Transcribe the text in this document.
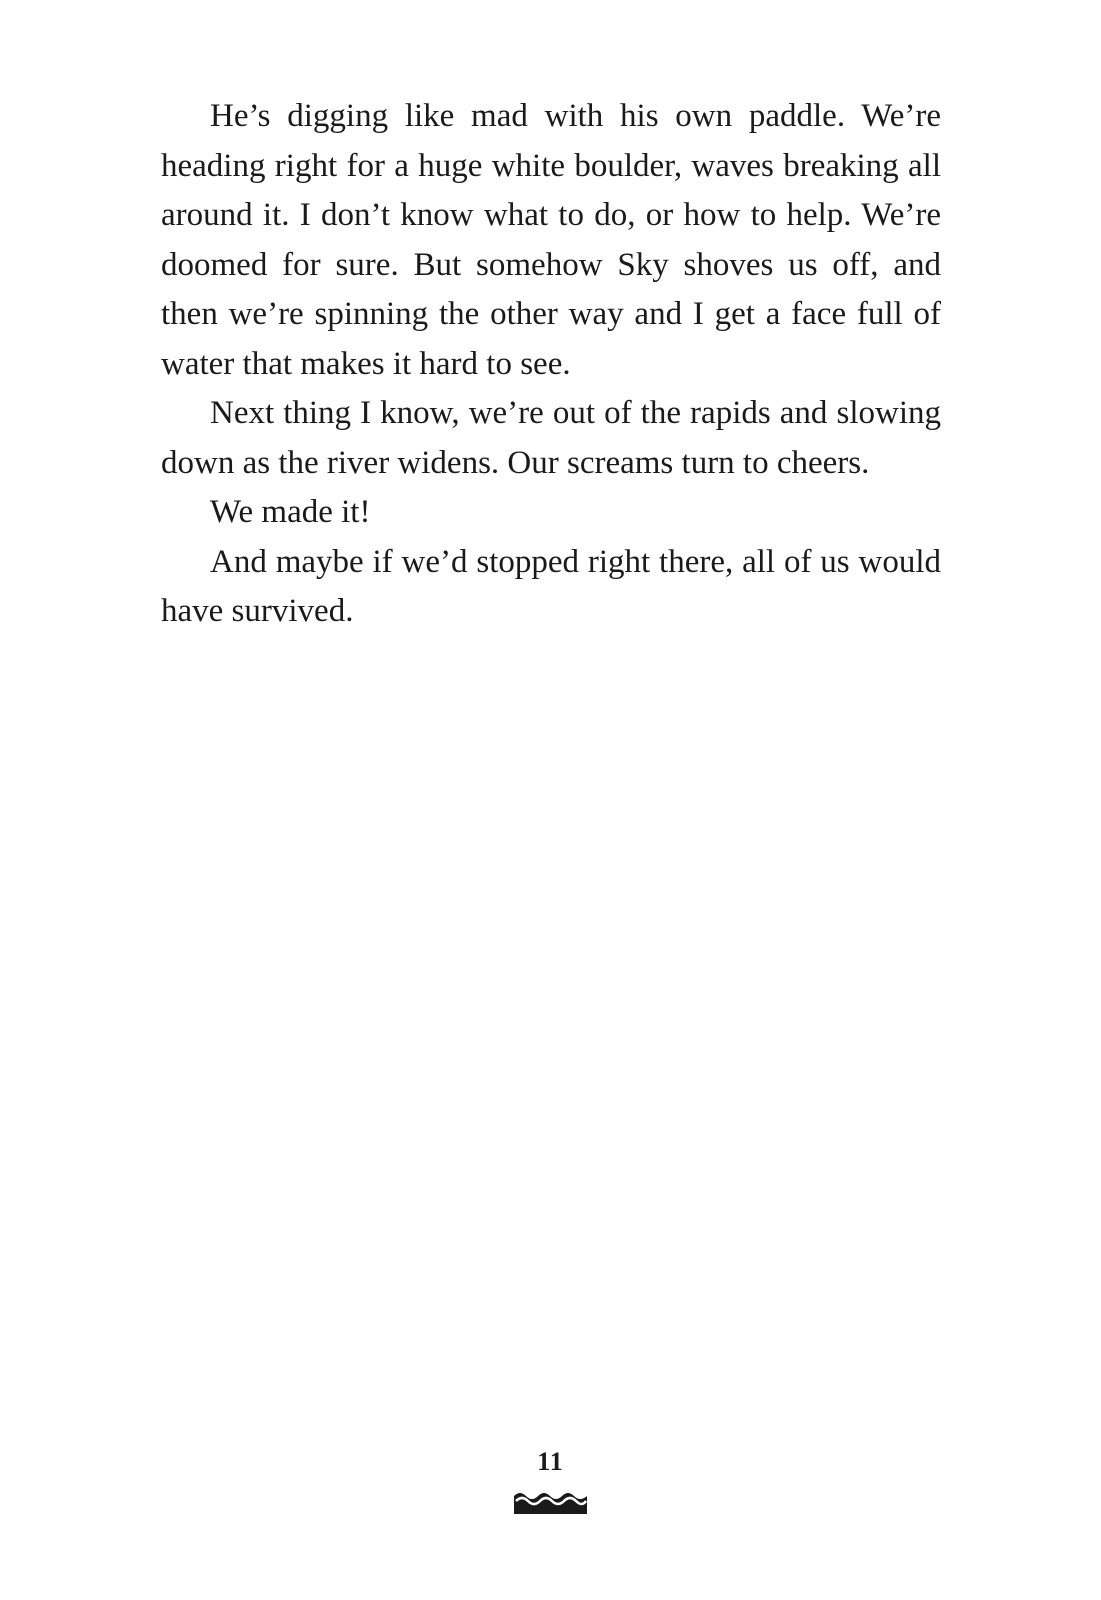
He’s digging like mad with his own paddle. We’re heading right for a huge white boulder, waves breaking all around it. I don’t know what to do, or how to help. We’re doomed for sure. But somehow Sky shoves us off, and then we’re spinning the other way and I get a face full of water that makes it hard to see.

Next thing I know, we’re out of the rapids and slowing down as the river widens. Our screams turn to cheers.

We made it!

And maybe if we’d stopped right there, all of us would have survived.

11
